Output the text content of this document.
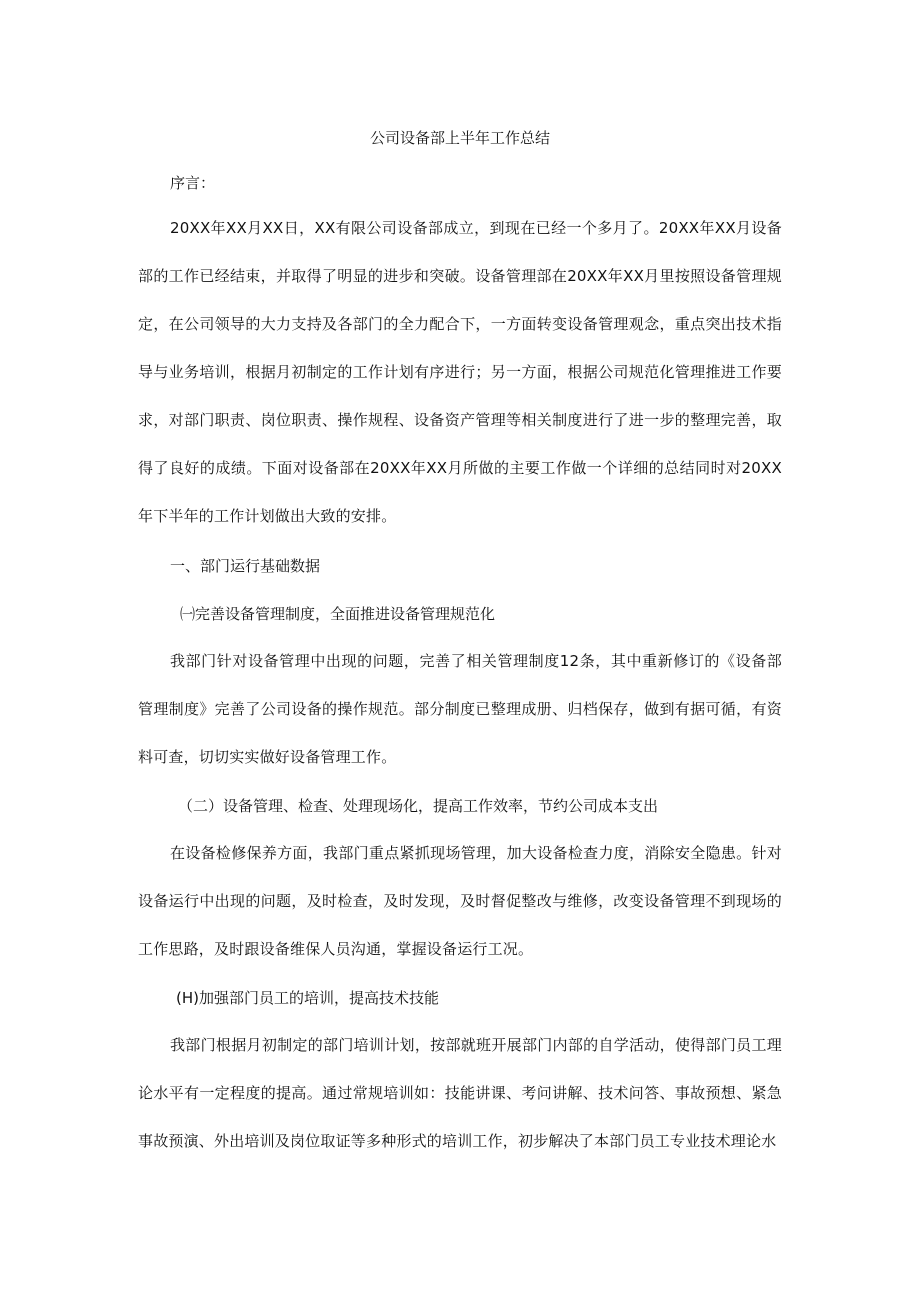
公司设备部上半年工作总结
序言：
20XX年XX月XX日，XX有限公司设备部成立，到现在已经一个多月了。20XX年XX月设备部的工作已经结束，并取得了明显的进步和突破。设备管理部在20XX年XX月里按照设备管理规定，在公司领导的大力支持及各部门的全力配合下，一方面转变设备管理观念，重点突出技术指导与业务培训，根据月初制定的工作计划有序进行；另一方面，根据公司规范化管理推进工作要求，对部门职责、岗位职责、操作规程、设备资产管理等相关制度进行了进一步的整理完善，取得了良好的成绩。下面对设备部在20XX年XX月所做的主要工作做一个详细的总结同时对20XX年下半年的工作计划做出大致的安排。
一、部门运行基础数据
㈠完善设备管理制度，全面推进设备管理规范化
我部门针对设备管理中出现的问题，完善了相关管理制度12条，其中重新修订的《设备部管理制度》完善了公司设备的操作规范。部分制度已整理成册、归档保存，做到有据可循，有资料可查，切切实实做好设备管理工作。
（二）设备管理、检查、处理现场化，提高工作效率，节约公司成本支出
在设备检修保养方面，我部门重点紧抓现场管理，加大设备检查力度，消除安全隐患。针对设备运行中出现的问题，及时检查，及时发现，及时督促整改与维修，改变设备管理不到现场的工作思路，及时跟设备维保人员沟通，掌握设备运行工况。
(H)加强部门员工的培训，提高技术技能
我部门根据月初制定的部门培训计划，按部就班开展部门内部的自学活动，使得部门员工理论水平有一定程度的提高。通过常规培训如：技能讲课、考问讲解、技术问答、事故预想、紧急事故预演、外出培训及岗位取证等多种形式的培训工作，初步解决了本部门员工专业技术理论水
